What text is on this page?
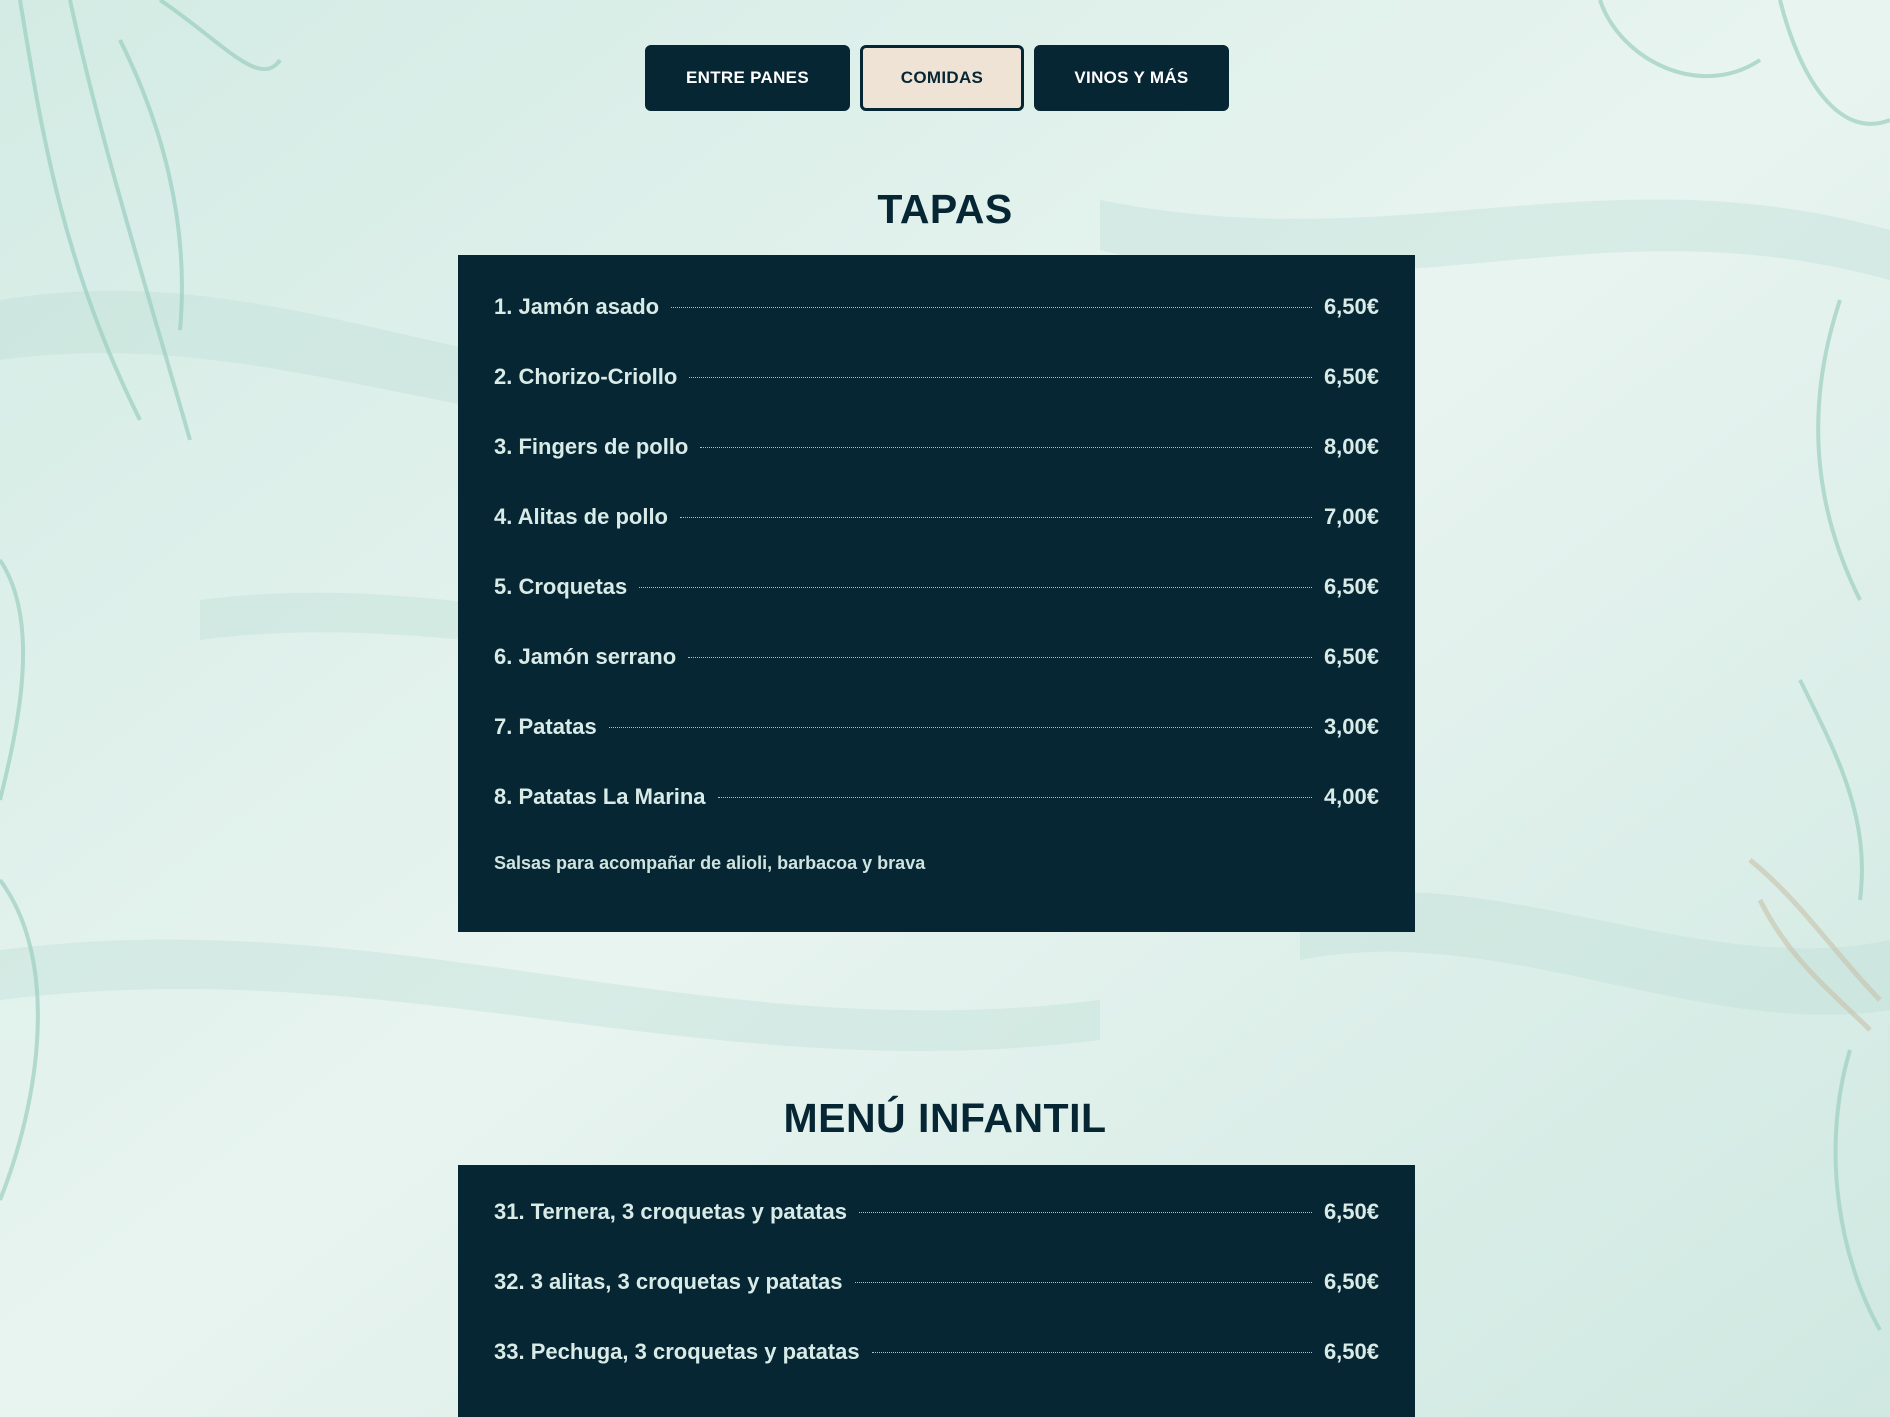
ENTRE PANES	COMIDAS	VINOS Y MÁS
TAPAS
1. Jamón asado	6,50€
2. Chorizo-Criollo	6,50€
3. Fingers de pollo	8,00€
4. Alitas de pollo	7,00€
5. Croquetas	6,50€
6. Jamón serrano	6,50€
7. Patatas	3,00€
8. Patatas La Marina	4,00€
Salsas para acompañar de alioli, barbacoa y brava
MENÚ INFANTIL
31. Ternera, 3 croquetas y patatas	6,50€
32. 3 alitas, 3 croquetas y patatas	6,50€
33. Pechuga, 3 croquetas y patatas	6,50€
